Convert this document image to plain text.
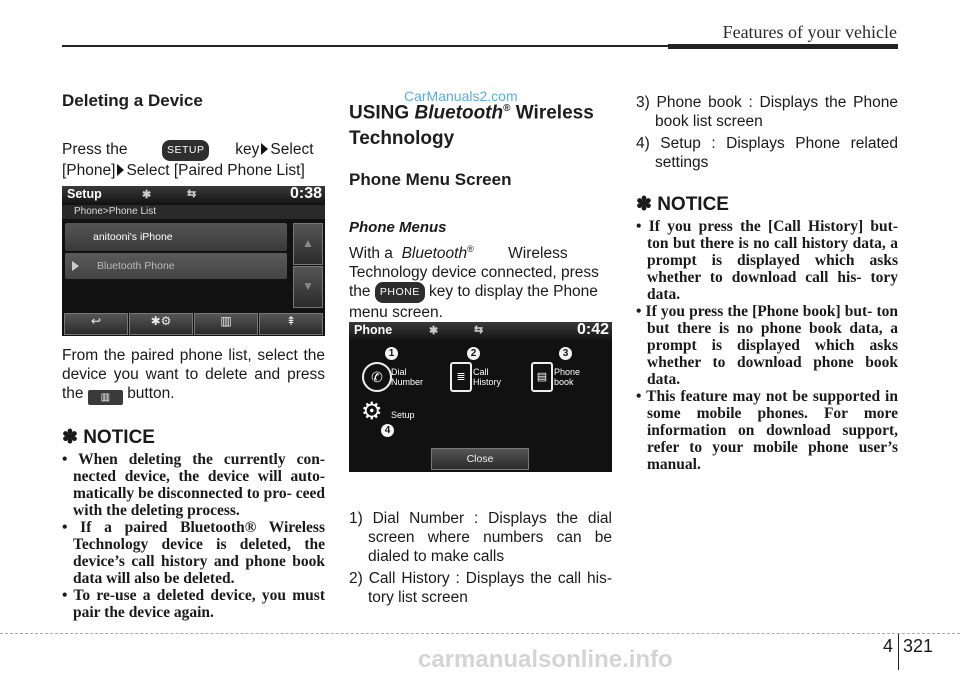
Features of your vehicle
Deleting a Device
Press the	SETUP key Select
[Phone] Select [Paired Phone List]
Setup	✱	⇆	0:38
Phone>Phone List
anitooni's iPhone
Bluetooth Phone
▲
▼
↩	✱⚙	▥	⇞
From the paired phone list, select the device you want to delete and press the ▥ button.
✽ NOTICE
• When deleting the currently con- nected device, the device will auto- matically be disconnected to pro- ceed with the deleting process.
• If a paired Bluetooth® Wireless Technology device is deleted, the device’s call history and phone book data will also be deleted.
• To re-use a deleted device, you must pair the device again.
USING Bluetooth® Wireless Technology
CarManuals2.com
Phone Menu Screen
Phone Menus
With a Bluetooth® Wireless Technology device connected, press the PHONE key to display the Phone menu screen.
Phone	✱	⇆	0:42
1	2	3
4
✆ Dial
Number	≣ Call
History	▤ Phone
book
⚙ Setup
Close
1) Dial Number : Displays the dial screen where numbers can be dialed to make calls
2) Call History : Displays the call his- tory list screen
3) Phone book : Displays the Phone book list screen
4) Setup : Displays Phone related settings
✽ NOTICE
• If you press the [Call History] but- ton but there is no call history data, a prompt is displayed which asks whether to download call his- tory data.
• If you press the [Phone book] but- ton but there is no phone book data, a prompt is displayed which asks whether to download phone book data.
• This feature may not be supported in some mobile phones. For more information on download support, refer to your mobile phone user’s manual.
4 321
carmanualsonline.info
